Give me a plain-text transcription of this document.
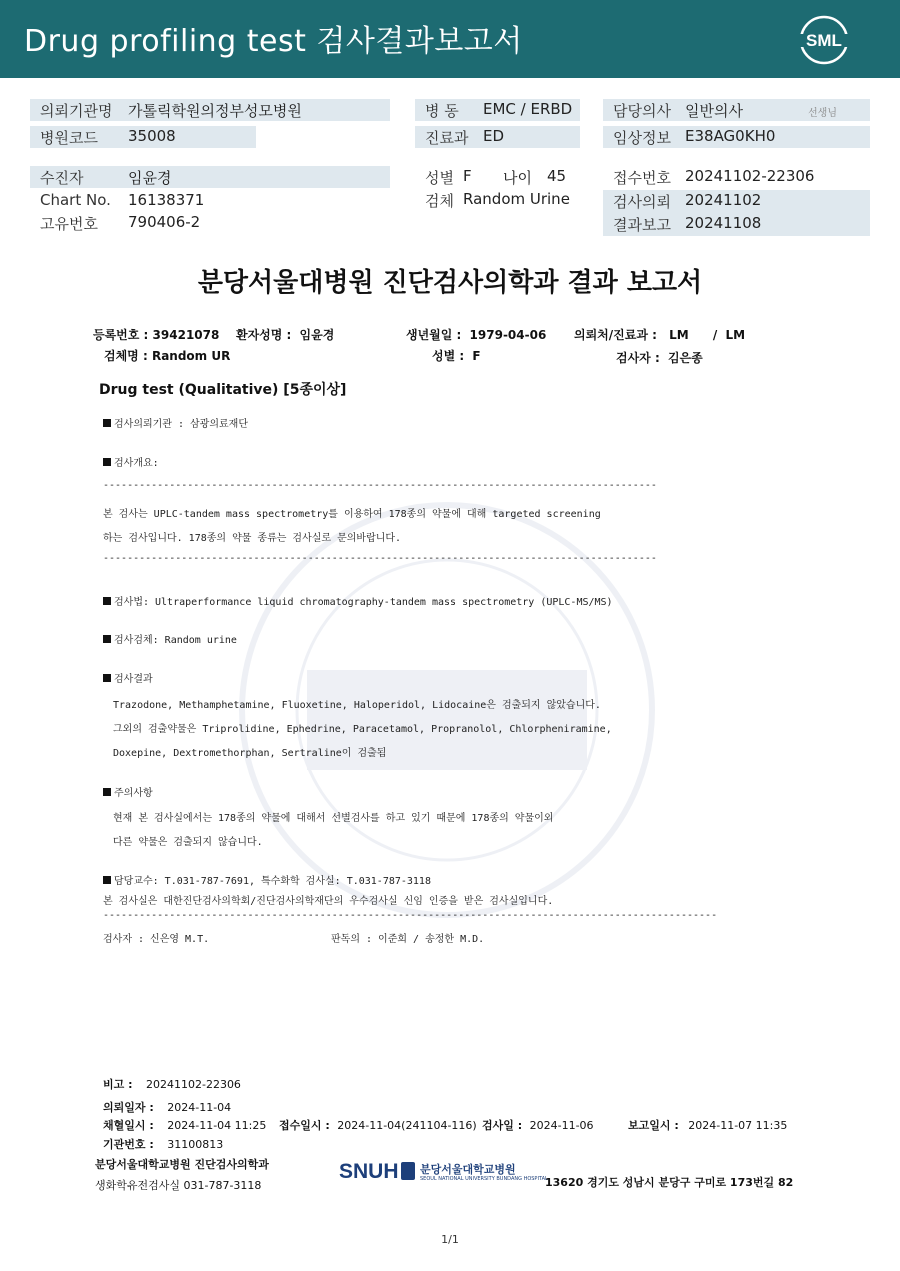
Drug profiling test 검사결과보고서	SML
의뢰기관명 가톨릭학원의정부성모병원
병원코드 35008
병 동 EMC / ERBD
진료과 ED
담당의사 일반의사	선생님
임상정보 E38AG0KH0
수진자	임윤경
Chart No. 16138371
고유번호 790406-2
성별 F 나이 45
검체 Random Urine
접수번호 20241102-22306
검사의뢰 20241102
결과보고 20241108
분당서울대병원 진단검사의학과 결과 보고서
등록번호 : 39421078 환자성명 : 임윤경	생년월일 : 1979-04-06 의뢰처/진료과 : LM / LM
검체명 : Random UR	성별 : F	검사자 : 김은종
Drug test (Qualitative) [5종이상]
검사의뢰기관 : 삼광의료재단
검사개요:
--------------------------------------------------------------------------------------------
본 검사는 UPLC-tandem mass spectrometry를 이용하여 178종의 약물에 대해 targeted screening
하는 검사입니다. 178종의 약물 종류는 검사실로 문의바랍니다.
--------------------------------------------------------------------------------------------
검사법: Ultraperformance liquid chromatography-tandem mass spectrometry (UPLC-MS/MS)
검사검체: Random urine
검사결과
Trazodone, Methamphetamine, Fluoxetine, Haloperidol, Lidocaine은 검출되지 않았습니다.
그외의 검출약물은 Triprolidine, Ephedrine, Paracetamol, Propranolol, Chlorpheniramine,
Doxepine, Dextromethorphan, Sertraline이 검출됨
주의사항
현재 본 검사실에서는 178종의 약물에 대해서 선별검사를 하고 있기 때문에 178종의 약물이외
다른 약물은 검출되지 않습니다.
담당교수: T.031-787-7691, 특수화학 검사실: T.031-787-3118
본 검사실은 대한진단검사의학회/진단검사의학재단의 우수검사실 신임 인증을 받은 검사실입니다.
------------------------------------------------------------------------------------------------------
검사자 : 신은영 M.T.	판독의 : 이준희 / 송정한 M.D.
비고 : 20241102-22306
의뢰일자 : 2024-11-04
채혈일시 : 2024-11-04 11:25 접수일시 : 2024-11-04(241104-116) 검사일 : 2024-11-06	보고일시 : 2024-11-07 11:35
기관번호 : 31100813
분당서울대학교병원 진단검사의학과
생화학유전검사실 031-787-3118
SNUH 분당서울대학교병원
SEOUL NATIONAL UNIVERSITY BUNDANG HOSPITAL
13620 경기도 성남시 분당구 구미로 173번길 82
1/1
